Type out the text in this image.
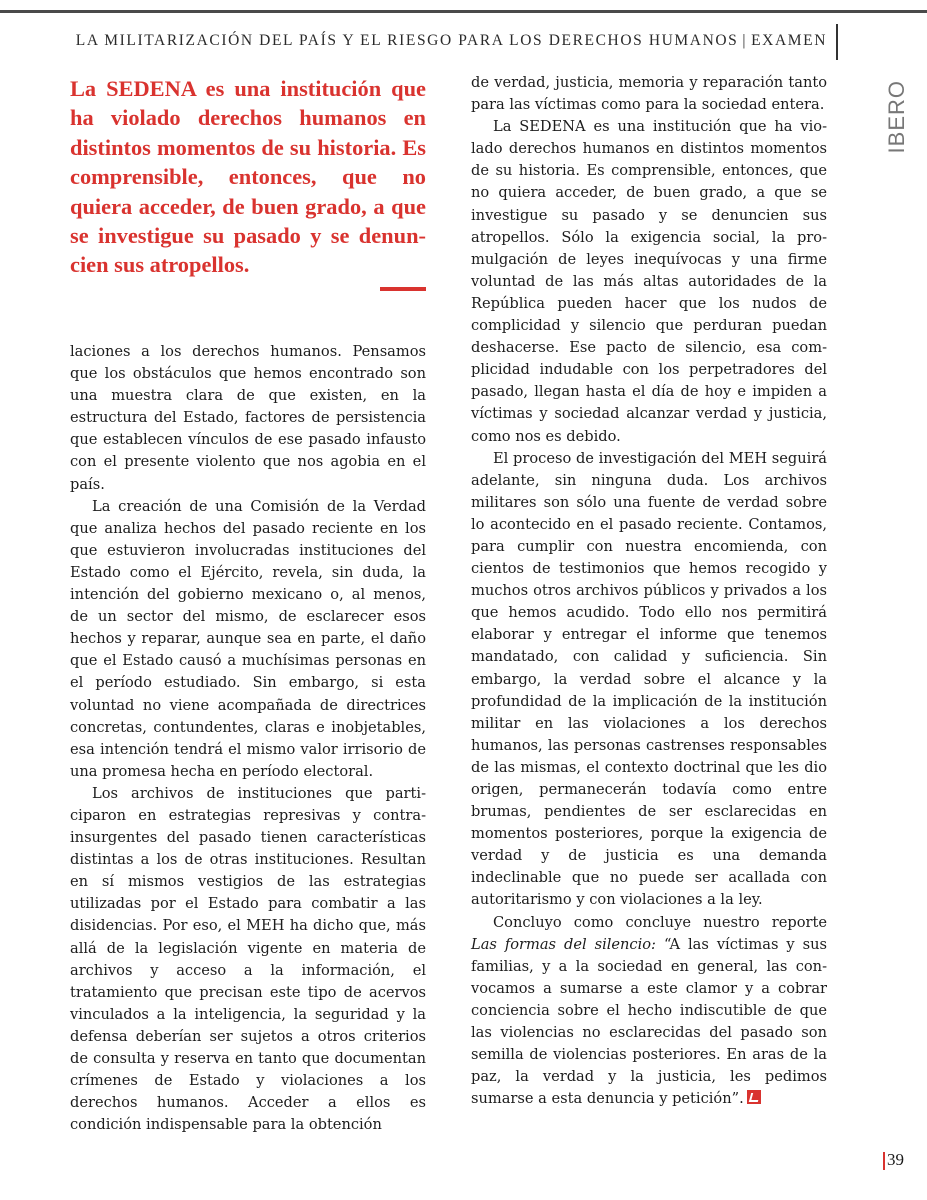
LA MILITARIZACIÓN DEL PAÍS Y EL RIESGO PARA LOS DERECHOS HUMANOS | EXAMEN
IBERO
La SEDENA es una institución que ha violado derechos humanos en distintos momentos de su historia. Es comprensible, entonces, que no quiera acceder, de buen grado, a que se investigue su pasado y se denuncien sus atropellos.

laciones a los derechos humanos. Pensamos que los obstáculos que hemos encontrado son una muestra clara de que existen, en la estructura del Estado, factores de persistencia que establecen vínculos de ese pasado infausto con el presente violento que nos agobia en el país.

La creación de una Comisión de la Verdad que analiza hechos del pasado reciente en los que estuvieron involucradas instituciones del Estado como el Ejército, revela, sin duda, la intención del gobierno mexicano o, al menos, de un sector del mismo, de esclarecer esos hechos y reparar, aunque sea en parte, el daño que el Estado causó a muchísimas personas en el período estudiado. Sin embargo, si esta voluntad no viene acompañada de directrices concretas, contundentes, claras e inobjetables, esa intención tendrá el mismo valor irrisorio de una promesa hecha en período electoral.

Los archivos de instituciones que participaron en estrategias represivas y contrainsurgentes del pasado tienen características distintas a los de otras instituciones. Resultan en sí mismos vestigios de las estrategias utilizadas por el Estado para combatir a las disidencias. Por eso, el MEH ha dicho que, más allá de la legislación vigente en materia de archivos y acceso a la información, el tratamiento que precisan este tipo de acervos vinculados a la inteligencia, la seguridad y la defensa deberían ser sujetos a otros criterios de consulta y reserva en tanto que documentan crímenes de Estado y violaciones a los derechos humanos. Acceder a ellos es condición indispensable para la obtención

de verdad, justicia, memoria y reparación tanto para las víctimas como para la sociedad entera.

La SEDENA es una institución que ha violado derechos humanos en distintos momentos de su historia. Es comprensible, entonces, que no quiera acceder, de buen grado, a que se investigue su pasado y se denuncien sus atropellos. Sólo la exigencia social, la promulgación de leyes inequívocas y una firme voluntad de las más altas autoridades de la República pueden hacer que los nudos de complicidad y silencio que perduran puedan deshacerse. Ese pacto de silencio, esa complicidad indudable con los perpetradores del pasado, llegan hasta el día de hoy e impiden a víctimas y sociedad alcanzar verdad y justicia, como nos es debido.

El proceso de investigación del MEH seguirá adelante, sin ninguna duda. Los archivos militares son sólo una fuente de verdad sobre lo acontecido en el pasado reciente. Contamos, para cumplir con nuestra encomienda, con cientos de testimonios que hemos recogido y muchos otros archivos públicos y privados a los que hemos acudido. Todo ello nos permitirá elaborar y entregar el informe que tenemos mandatado, con calidad y suficiencia. Sin embargo, la verdad sobre el alcance y la profundidad de la implicación de la institución militar en las violaciones a los derechos humanos, las personas castrenses responsables de las mismas, el contexto doctrinal que les dio origen, permanecerán todavía como entre brumas, pendientes de ser esclarecidas en momentos posteriores, porque la exigencia de verdad y de justicia es una demanda indeclinable que no puede ser acallada con autoritarismo y con violaciones a la ley.

Concluyo como concluye nuestro reporte Las formas del silencio: “A las víctimas y sus familias, y a la sociedad en general, las convocamos a sumarse a este clamor y a cobrar conciencia sobre el hecho indiscutible de que las violencias no esclarecidas del pasado son semilla de violencias posteriores. En aras de la paz, la verdad y la justicia, les pedimos sumarse a esta denuncia y petición”.

39
